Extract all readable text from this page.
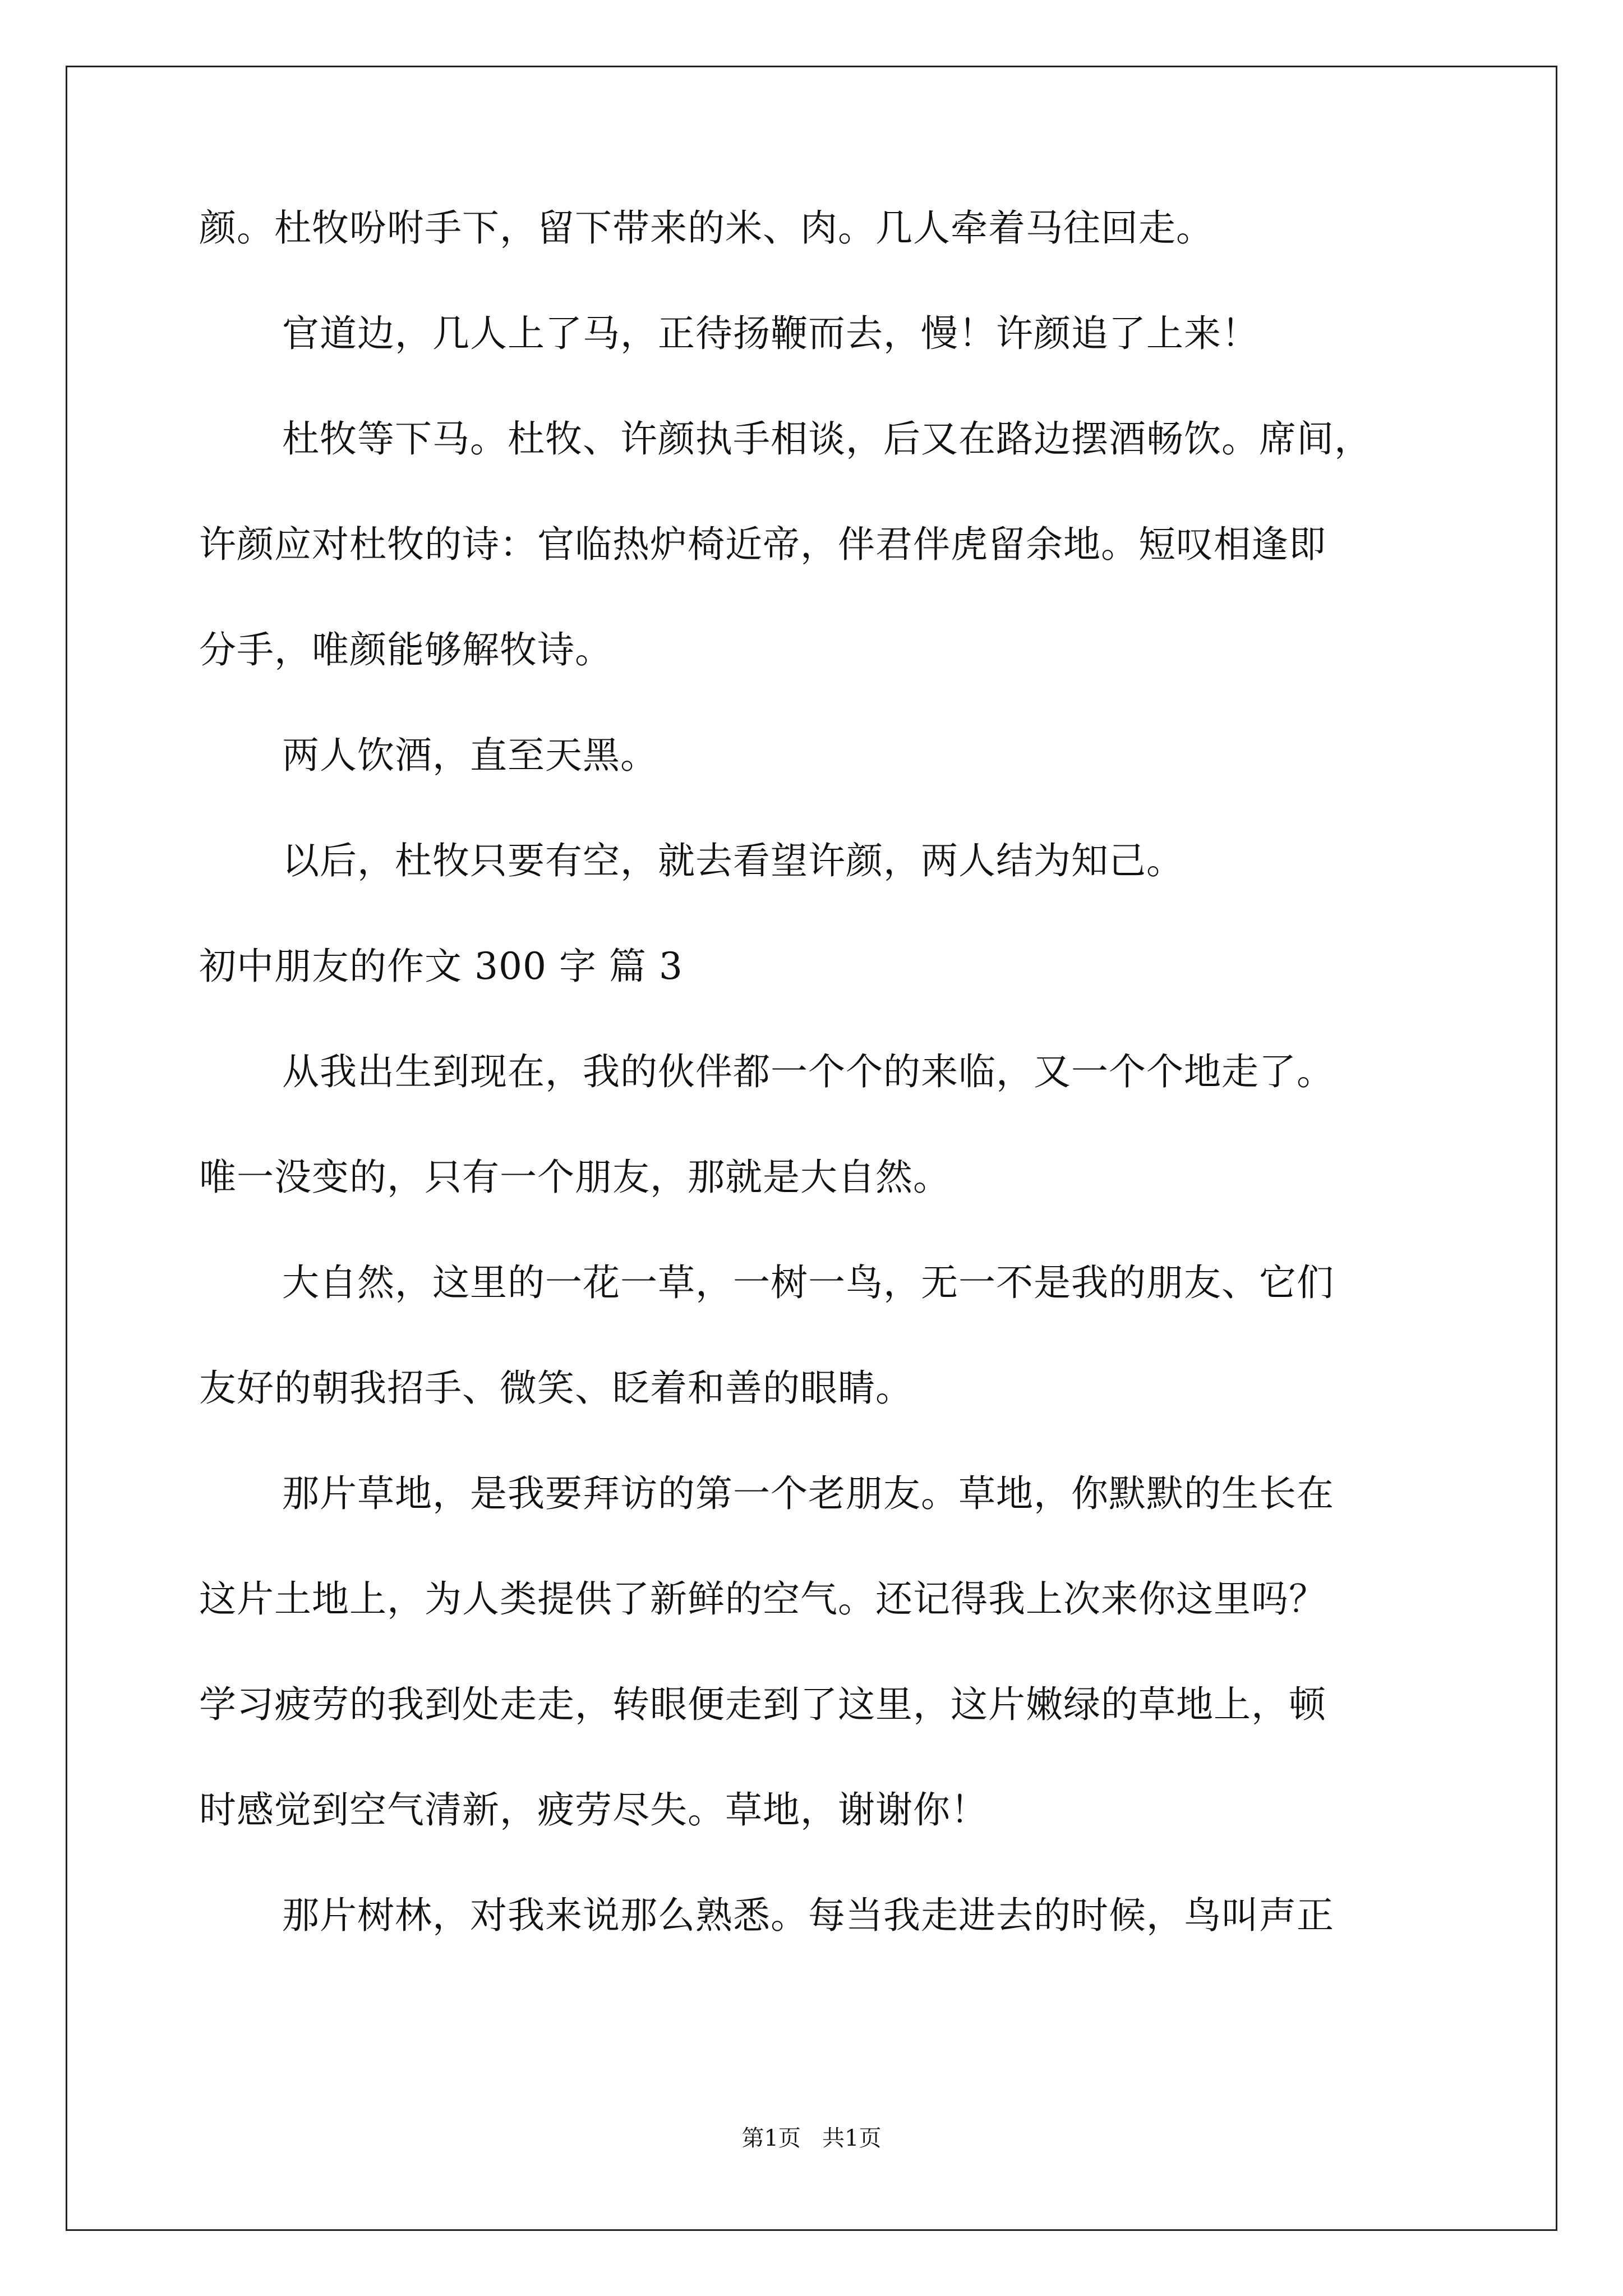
颜。杜牧吩咐手下，留下带来的米、肉。几人牵着马往回走。
官道边，几人上了马，正待扬鞭而去，慢！许颜追了上来！
杜牧等下马。杜牧、许颜执手相谈，后又在路边摆酒畅饮。席间，
许颜应对杜牧的诗：官临热炉椅近帝，伴君伴虎留余地。短叹相逢即
分手，唯颜能够解牧诗。
两人饮酒，直至天黑。
以后，杜牧只要有空，就去看望许颜，两人结为知己。
初中朋友的作文 300 字 篇 3
从我出生到现在，我的伙伴都一个个的来临，又一个个地走了。
唯一没变的，只有一个朋友，那就是大自然。
大自然，这里的一花一草，一树一鸟，无一不是我的朋友、它们
友好的朝我招手、微笑、眨着和善的眼睛。
那片草地，是我要拜访的第一个老朋友。草地，你默默的生长在
这片土地上，为人类提供了新鲜的空气。还记得我上次来你这里吗？
学习疲劳的我到处走走，转眼便走到了这里，这片嫩绿的草地上，顿
时感觉到空气清新，疲劳尽失。草地，谢谢你！
那片树林，对我来说那么熟悉。每当我走进去的时候，鸟叫声正
第1页   共1页
